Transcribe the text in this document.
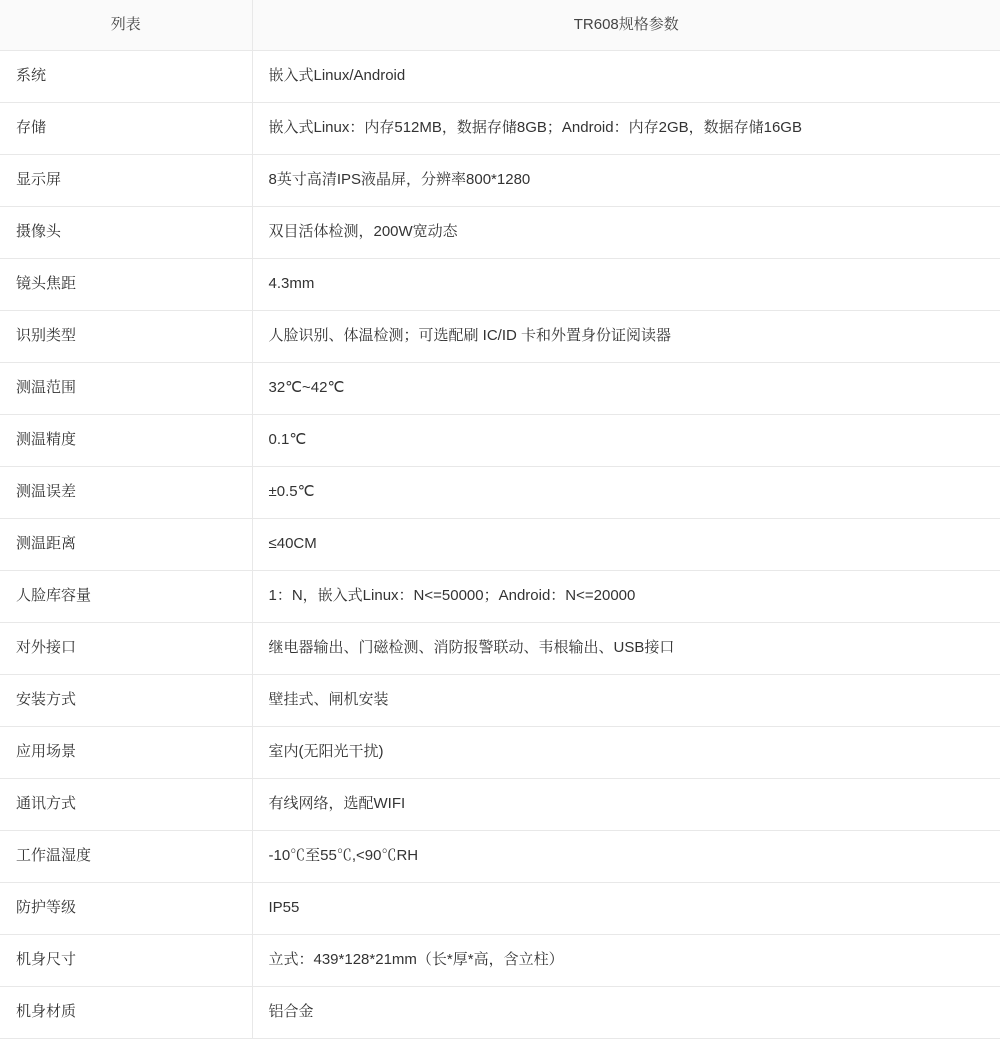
列表	TR608规格参数
系统	嵌入式Linux/Android
存储	嵌入式Linux：内存512MB，数据存储8GB；Android：内存2GB，数据存储16GB
显示屏	8英寸高清IPS液晶屏，分辨率800*1280
摄像头	双目活体检测，200W宽动态
镜头焦距	4.3mm
识别类型	人脸识别、体温检测；可选配刷 IC/ID 卡和外置身份证阅读器
测温范围	32℃~42℃
测温精度	0.1℃
测温误差	±0.5℃
测温距离	≤40CM
人脸库容量	1：N，嵌入式Linux：N<=50000；Android：N<=20000
对外接口	继电器输出、门磁检测、消防报警联动、韦根输出、USB接口
安装方式	壁挂式、闸机安装
应用场景	室内(无阳光干扰)
通讯方式	有线网络，选配WIFI
工作温湿度	-10℃至55℃,<90℃RH
防护等级	IP55
机身尺寸	立式：439*128*21mm（长*厚*高，含立柱）
机身材质	铝合金
